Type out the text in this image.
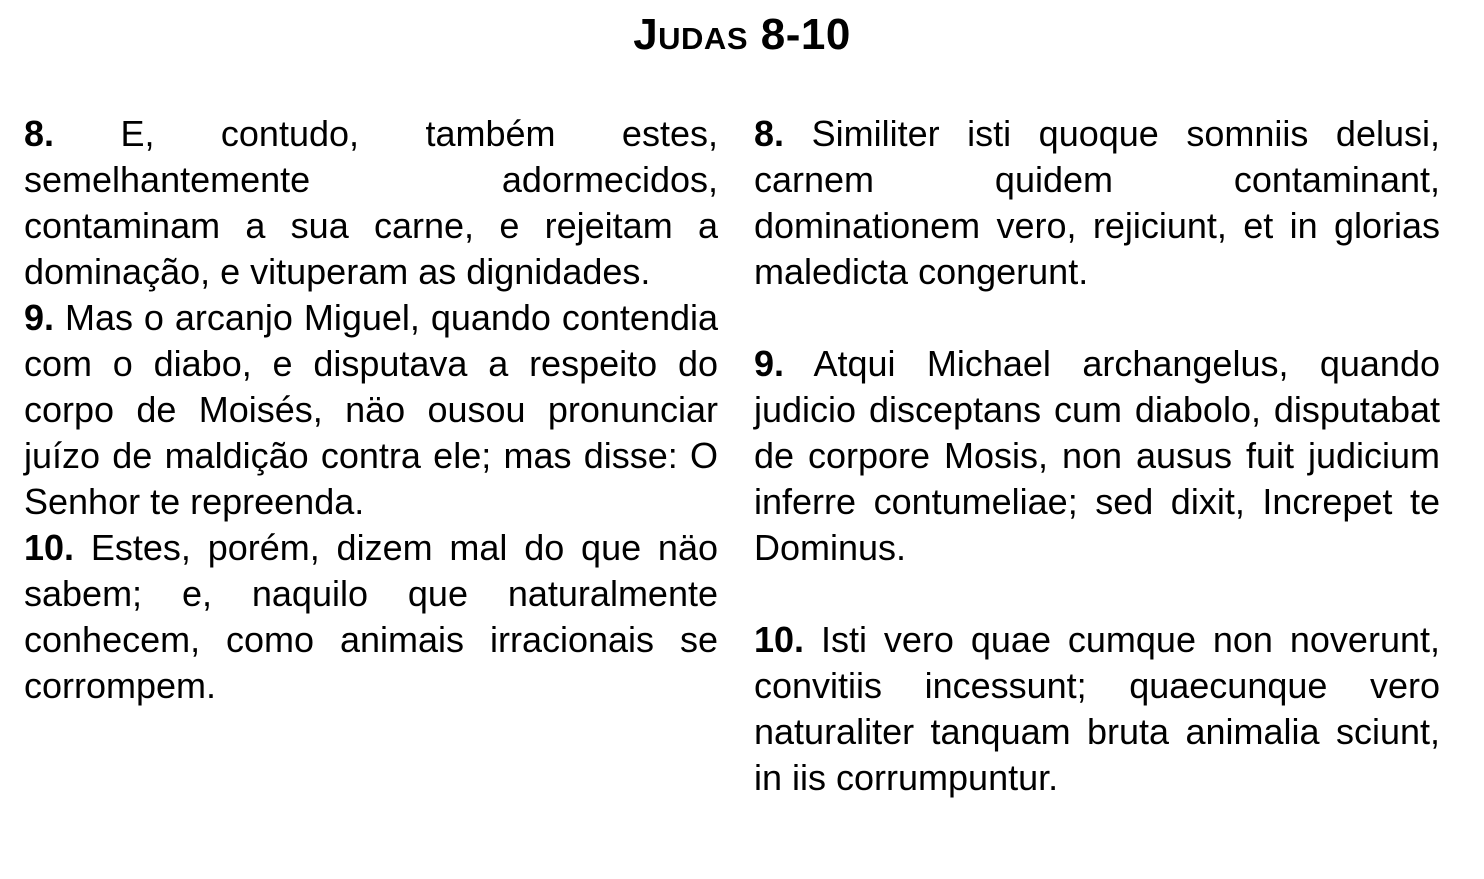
Judas 8-10

8. E, contudo, também estes, semelhantemente adormecidos, contaminam a sua carne, e rejeitam a dominação, e vituperam as dignidades.

9. Mas o arcanjo Miguel, quando contendia com o diabo, e disputava a respeito do corpo de Moisés, näo ousou pronunciar juízo de maldição contra ele; mas disse: O Senhor te repreenda.

10. Estes, porém, dizem mal do que näo sabem; e, naquilo que naturalmente conhecem, como animais irracionais se corrompem.

8. Similiter isti quoque somniis delusi, carnem quidem contaminant, dominationem vero, rejiciunt, et in glorias maledicta congerunt.

9. Atqui Michael archangelus, quando judicio disceptans cum diabolo, disputabat de corpore Mosis, non ausus fuit judicium inferre contumeliae; sed dixit, Increpet te Dominus.

10. Isti vero quae cumque non noverunt, convitiis incessunt; quaecunque vero naturaliter tanquam bruta animalia sciunt, in iis corrumpuntur.
